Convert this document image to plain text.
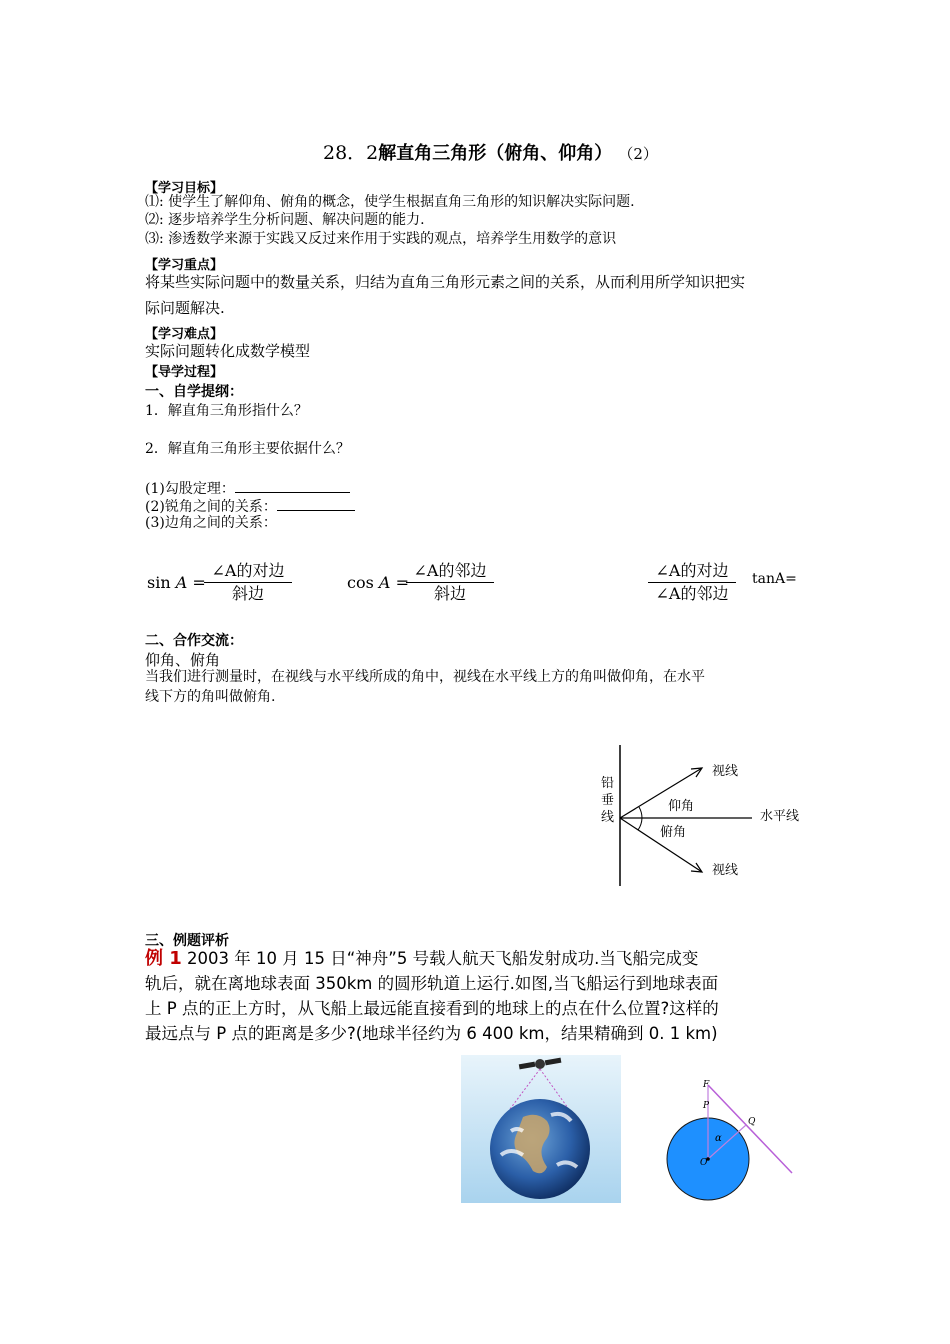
28．2解直角三角形（俯角、仰角） （2）
【学习目标】
⑴: 使学生了解仰角、俯角的概念，使学生根据直角三角形的知识解决实际问题.
⑵: 逐步培养学生分析问题、解决问题的能力.
⑶: 渗透数学来源于实践又反过来作用于实践的观点，培养学生用数学的意识
【学习重点】
将某些实际问题中的数量关系，归结为直角三角形元素之间的关系，从而利用所学知识把实
际问题解决.
【学习难点】
实际问题转化成数学模型
【导学过程】
一、自学提纲：
1．解直角三角形指什么？
2．解直角三角形主要依据什么？
(1)勾股定理：
(2)锐角之间的关系：
(3)边角之间的关系：
sin A =
∠A的对边
斜边
cos A =
∠A的邻边
斜边
∠A的对边
∠A的邻边
tanA=
二、合作交流：
仰角、俯角
当我们进行测量时，在视线与水平线所成的角中，视线在水平线上方的角叫做仰角，在水平
线下方的角叫做俯角.
铅
垂
线
视线
仰角
水平线
俯角
视线
三、例题评析
例 1 2003 年 10 月 15 日“神舟”5 号载人航天飞船发射成功.当飞船完成变
轨后，就在离地球表面 350km 的圆形轨道上运行.如图,当飞船运行到地球表面
上 P 点的正上方时，从飞船上最远能直接看到的地球上的点在什么位置?这样的
最远点与 P 点的距离是多少?(地球半径约为 6 400 km，结果精确到 0. 1 km)
F
P
Q
α
O
